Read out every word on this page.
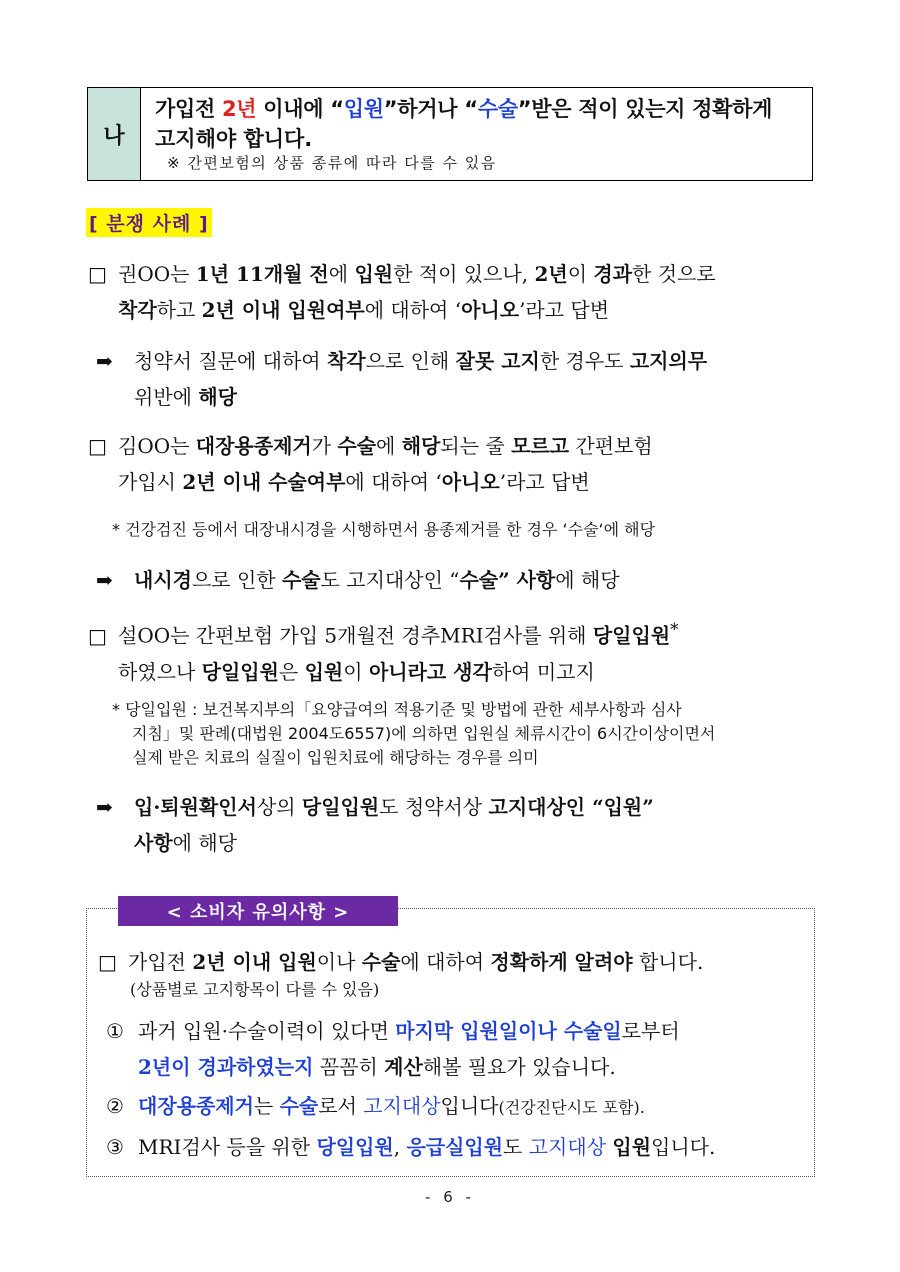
나
가입전 2년 이내에 “입원”하거나 “수술”받은 적이 있는지 정확하게
고지해야 합니다.
※ 간편보험의 상품 종류에 따라 다를 수 있음
[ 분쟁 사례 ]
□ 권OO는 1년 11개월 전에 입원한 적이 있으나, 2년이 경과한 것으로
착각하고 2년 이내 입원여부에 대하여 ‘아니오’라고 답변
➡ 청약서 질문에 대하여 착각으로 인해 잘못 고지한 경우도 고지의무
위반에 해당
□ 김OO는 대장용종제거가 수술에 해당되는 줄 모르고 간편보험
가입시 2년 이내 수술여부에 대하여 ‘아니오’라고 답변
* 건강검진 등에서 대장내시경을 시행하면서 용종제거를 한 경우 ‘수술‘에 해당
➡ 내시경으로 인한 수술도 고지대상인 “수술” 사항에 해당
□ 설OO는 간편보험 가입 5개월전 경추MRI검사를 위해 당일입원*
하였으나 당일입원은 입원이 아니라고 생각하여 미고지
* 당일입원 : 보건복지부의「요양급여의 적용기준 및 방법에 관한 세부사항과 심사
지침」및 판례(대법원 2004도6557)에 의하면 입원실 체류시간이 6시간이상이면서
실제 받은 치료의 실질이 입원치료에 해당하는 경우를 의미
➡ 입·퇴원확인서상의 당일입원도 청약서상 고지대상인 “입원”
사항에 해당
< 소비자 유의사항 >
□ 가입전 2년 이내 입원이나 수술에 대하여 정확하게 알려야 합니다.
(상품별로 고지항목이 다를 수 있음)
① 과거 입원·수술이력이 있다면 마지막 입원일이나 수술일로부터
2년이 경과하였는지 꼼꼼히 계산해볼 필요가 있습니다.
② 대장용종제거는 수술로서 고지대상입니다(건강진단시도 포함).
③ MRI검사 등을 위한 당일입원, 응급실입원도 고지대상 입원입니다.
- 6 -
